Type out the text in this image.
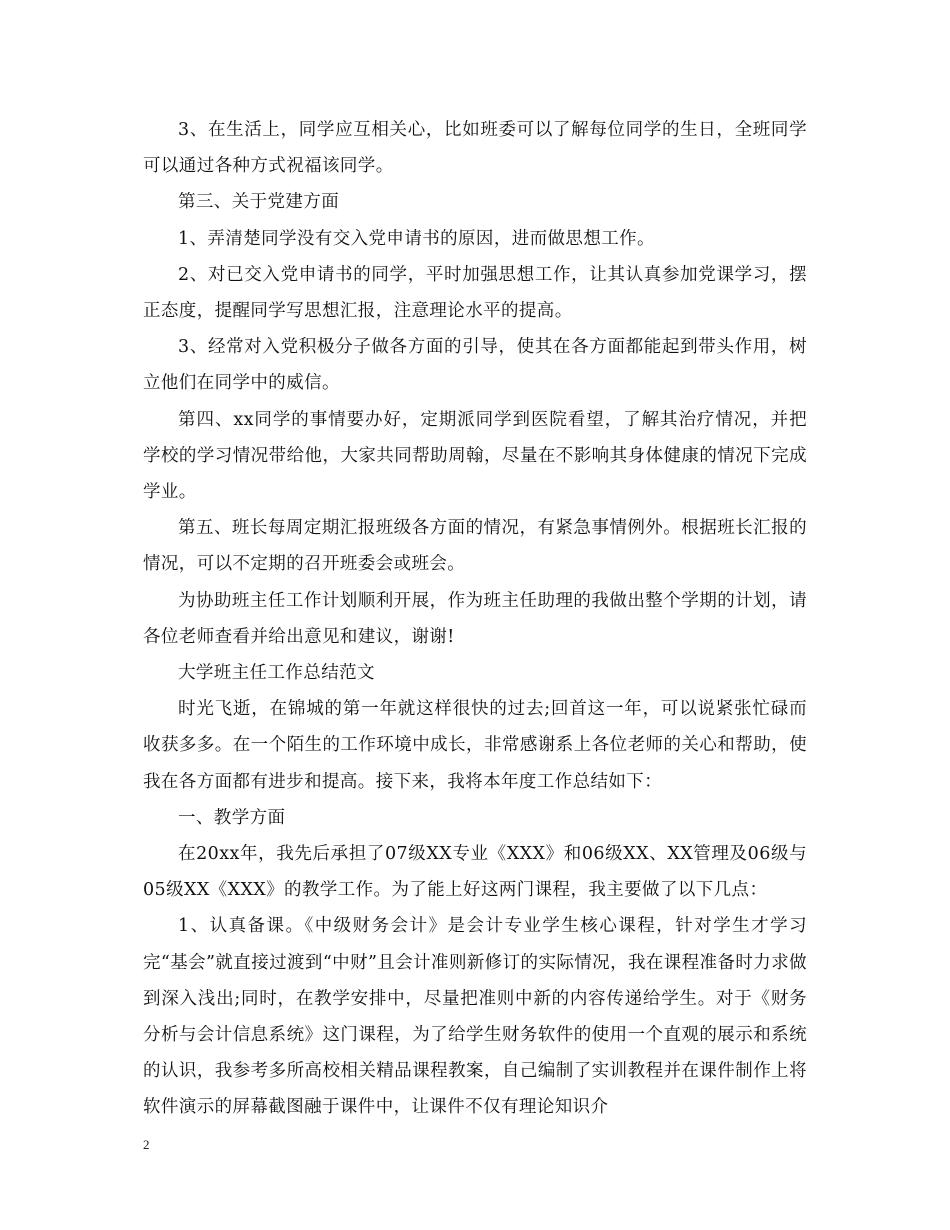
3、在生活上，同学应互相关心，比如班委可以了解每位同学的生日，全班同学可以通过各种方式祝福该同学。

第三、关于党建方面

1、弄清楚同学没有交入党申请书的原因，进而做思想工作。

2、对已交入党申请书的同学，平时加强思想工作，让其认真参加党课学习，摆正态度，提醒同学写思想汇报，注意理论水平的提高。

3、经常对入党积极分子做各方面的引导，使其在各方面都能起到带头作用，树立他们在同学中的威信。

第四、xx同学的事情要办好，定期派同学到医院看望，了解其治疗情况，并把学校的学习情况带给他，大家共同帮助周翰，尽量在不影响其身体健康的情况下完成学业。

第五、班长每周定期汇报班级各方面的情况，有紧急事情例外。根据班长汇报的情况，可以不定期的召开班委会或班会。

为协助班主任工作计划顺利开展，作为班主任助理的我做出整个学期的计划，请各位老师查看并给出意见和建议，谢谢!

大学班主任工作总结范文

时光飞逝，在锦城的第一年就这样很快的过去;回首这一年，可以说紧张忙碌而收获多多。在一个陌生的工作环境中成长，非常感谢系上各位老师的关心和帮助，使我在各方面都有进步和提高。接下来，我将本年度工作总结如下：

一、教学方面

在20xx年，我先后承担了07级XX专业《XXX》和06级XX、XX管理及06级与05级XX《XXX》的教学工作。为了能上好这两门课程，我主要做了以下几点：

1、认真备课。《中级财务会计》是会计专业学生核心课程，针对学生才学习完“基会”就直接过渡到“中财”且会计准则新修订的实际情况，我在课程准备时力求做到深入浅出;同时，在教学安排中，尽量把准则中新的内容传递给学生。对于《财务分析与会计信息系统》这门课程，为了给学生财务软件的使用一个直观的展示和系统的认识，我参考多所高校相关精品课程教案，自己编制了实训教程并在课件制作上将软件演示的屏幕截图融于课件中，让课件不仅有理论知识介

2
